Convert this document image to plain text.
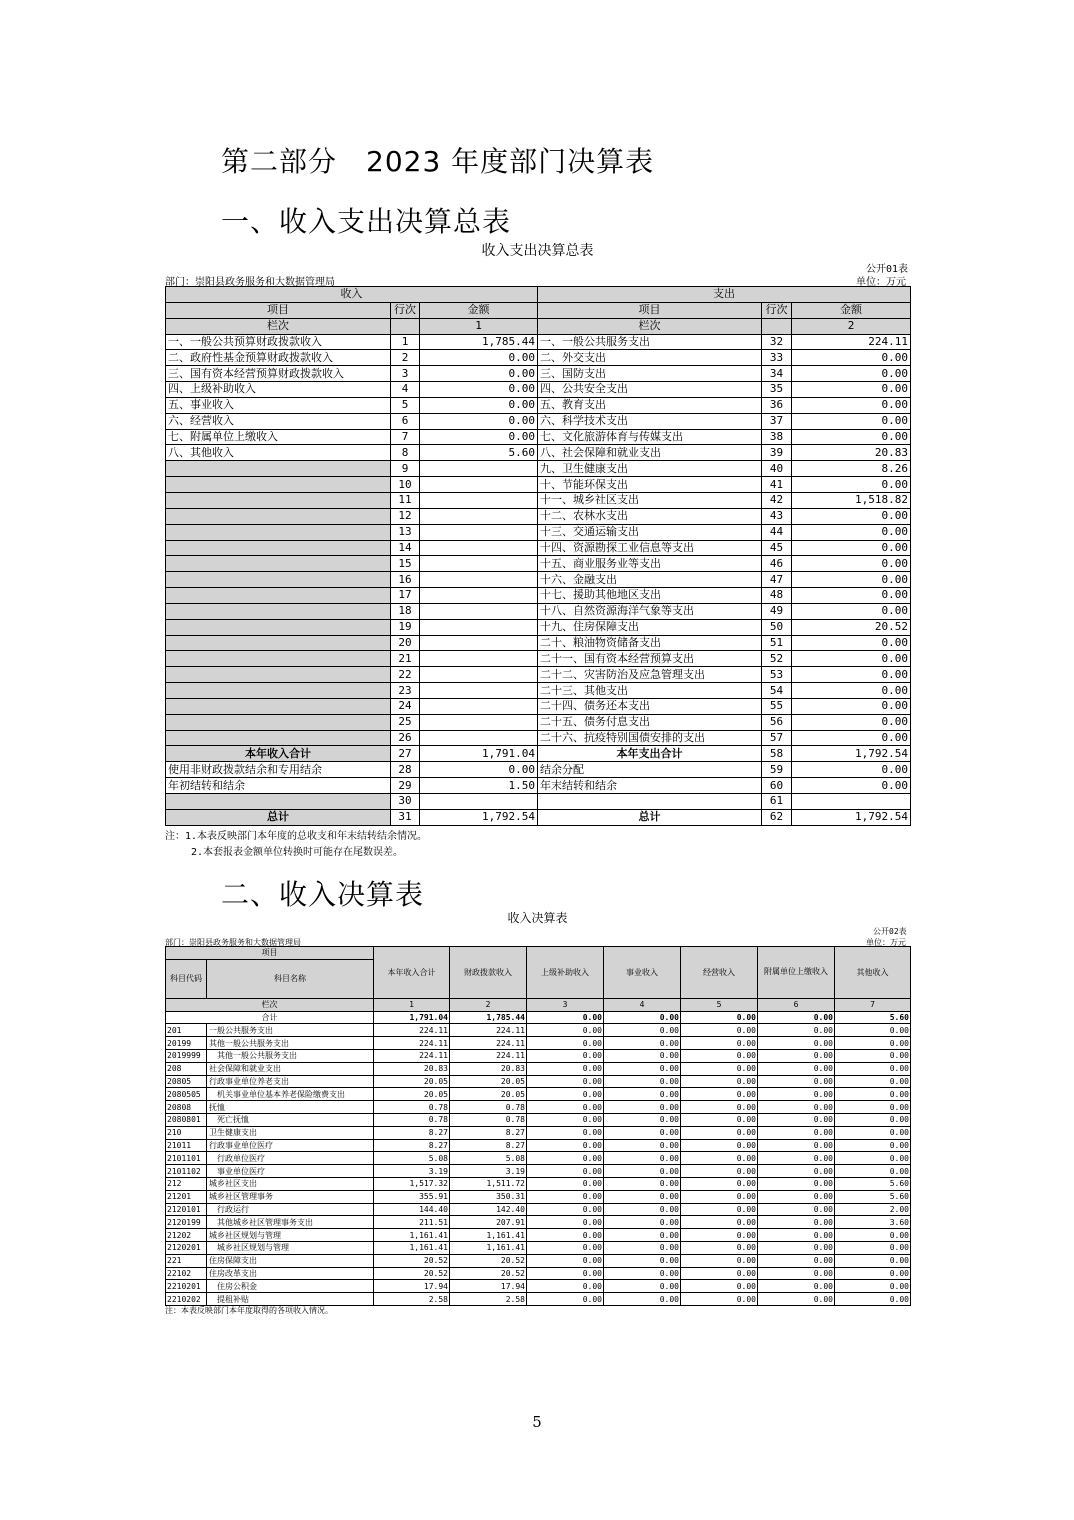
第二部分　2023 年度部门决算表
一、收入支出决算总表
收入支出决算总表
公开01表
部门：崇阳县政务服务和大数据管理局	单位：万元
收入			支出		
项目	行次	金额	项目	行次	金额
栏次		1	栏次		2
一、一般公共预算财政拨款收入	1	1,785.44	一、一般公共服务支出	32	224.11
二、政府性基金预算财政拨款收入	2	0.00	二、外交支出	33	0.00
三、国有资本经营预算财政拨款收入	3	0.00	三、国防支出	34	0.00
四、上级补助收入	4	0.00	四、公共安全支出	35	0.00
五、事业收入	5	0.00	五、教育支出	36	0.00
六、经营收入	6	0.00	六、科学技术支出	37	0.00
七、附属单位上缴收入	7	0.00	七、文化旅游体育与传媒支出	38	0.00
八、其他收入	8	5.60	八、社会保障和就业支出	39	20.83
	9		九、卫生健康支出	40	8.26
	10		十、节能环保支出	41	0.00
	11		十一、城乡社区支出	42	1,518.82
	12		十二、农林水支出	43	0.00
	13		十三、交通运输支出	44	0.00
	14		十四、资源勘探工业信息等支出	45	0.00
	15		十五、商业服务业等支出	46	0.00
	16		十六、金融支出	47	0.00
	17		十七、援助其他地区支出	48	0.00
	18		十八、自然资源海洋气象等支出	49	0.00
	19		十九、住房保障支出	50	20.52
	20		二十、粮油物资储备支出	51	0.00
	21		二十一、国有资本经营预算支出	52	0.00
	22		二十二、灾害防治及应急管理支出	53	0.00
	23		二十三、其他支出	54	0.00
	24		二十四、债务还本支出	55	0.00
	25		二十五、债务付息支出	56	0.00
	26		二十六、抗疫特别国债安排的支出	57	0.00
本年收入合计	27	1,791.04	本年支出合计	58	1,792.54
使用非财政拨款结余和专用结余	28	0.00	结余分配	59	0.00
年初结转和结余	29	1.50	年末结转和结余	60	0.00
	30			61	
总计	31	1,792.54	总计	62	1,792.54
注：1.本表反映部门本年度的总收支和年末结转结余情况。
2.本套报表金额单位转换时可能存在尾数误差。
二、收入决算表
收入决算表
公开02表
部门：崇阳县政务服务和大数据管理局	单位：万元
项目		本年收入合计	财政拨款收入	上级补助收入	事业收入	经营收入	附属单位上缴收入	其他收入
科目代码	科目名称							
栏次		1	2	3	4	5	6	7
合计		1,791.04	1,785.44	0.00	0.00	0.00	0.00	5.60
201	一般公共服务支出	224.11	224.11	0.00	0.00	0.00	0.00	0.00
20199	其他一般公共服务支出	224.11	224.11	0.00	0.00	0.00	0.00	0.00
2019999	其他一般公共服务支出	224.11	224.11	0.00	0.00	0.00	0.00	0.00
208	社会保障和就业支出	20.83	20.83	0.00	0.00	0.00	0.00	0.00
20805	行政事业单位养老支出	20.05	20.05	0.00	0.00	0.00	0.00	0.00
2080505	机关事业单位基本养老保险缴费支出	20.05	20.05	0.00	0.00	0.00	0.00	0.00
20808	抚恤	0.78	0.78	0.00	0.00	0.00	0.00	0.00
2080801	死亡抚恤	0.78	0.78	0.00	0.00	0.00	0.00	0.00
210	卫生健康支出	8.27	8.27	0.00	0.00	0.00	0.00	0.00
21011	行政事业单位医疗	8.27	8.27	0.00	0.00	0.00	0.00	0.00
2101101	行政单位医疗	5.08	5.08	0.00	0.00	0.00	0.00	0.00
2101102	事业单位医疗	3.19	3.19	0.00	0.00	0.00	0.00	0.00
212	城乡社区支出	1,517.32	1,511.72	0.00	0.00	0.00	0.00	5.60
21201	城乡社区管理事务	355.91	350.31	0.00	0.00	0.00	0.00	5.60
2120101	行政运行	144.40	142.40	0.00	0.00	0.00	0.00	2.00
2120199	其他城乡社区管理事务支出	211.51	207.91	0.00	0.00	0.00	0.00	3.60
21202	城乡社区规划与管理	1,161.41	1,161.41	0.00	0.00	0.00	0.00	0.00
2120201	城乡社区规划与管理	1,161.41	1,161.41	0.00	0.00	0.00	0.00	0.00
221	住房保障支出	20.52	20.52	0.00	0.00	0.00	0.00	0.00
22102	住房改革支出	20.52	20.52	0.00	0.00	0.00	0.00	0.00
2210201	住房公积金	17.94	17.94	0.00	0.00	0.00	0.00	0.00
2210202	提租补贴	2.58	2.58	0.00	0.00	0.00	0.00	0.00
注：本表反映部门本年度取得的各项收入情况。
5
